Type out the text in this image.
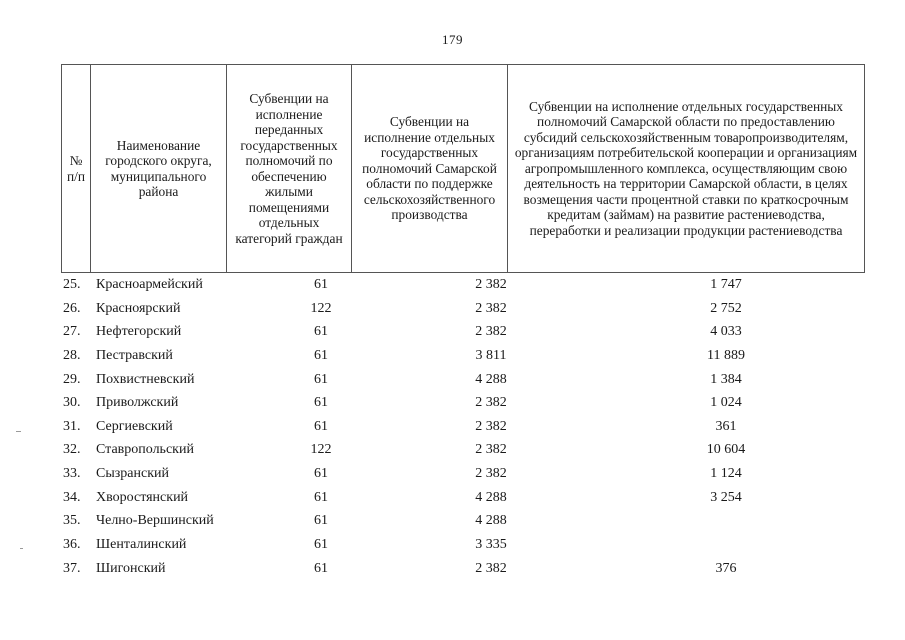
179
№ п/п	Наименование городского округа, муниципального района	Субвенции на исполнение переданных государственных полномочий по обеспечению жилыми помещениями отдельных категорий граждан	Субвенции на исполнение отдельных государственных полномочий Самарской области по поддержке сельскохозяйственного производства	Субвенции на исполнение отдельных государственных полномочий Самарской области по предоставлению субсидий сельскохозяйственным товаропроизводителям, организациям потребительской кооперации и организациям агропромышленного комплекса, осуществляющим свою деятельность на территории Самарской области, в целях возмещения части процентной ставки по краткосрочным кредитам (займам) на развитие растениеводства, переработки и реализации продукции растениеводства
25.	Красноармейский	61	2 382	1 747
26.	Красноярский	122	2 382	2 752
27.	Нефтегорский	61	2 382	4 033
28.	Пестравский	61	3 811	11 889
29.	Похвистневский	61	4 288	1 384
30.	Приволжский	61	2 382	1 024
31.	Сергиевский	61	2 382	361
32.	Ставропольский	122	2 382	10 604
33.	Сызранский	61	2 382	1 124
34.	Хворостянский	61	4 288	3 254
35.	Челно-Вершинский	61	4 288
36.	Шенталинский	61	3 335
37.	Шигонский	61	2 382	376
